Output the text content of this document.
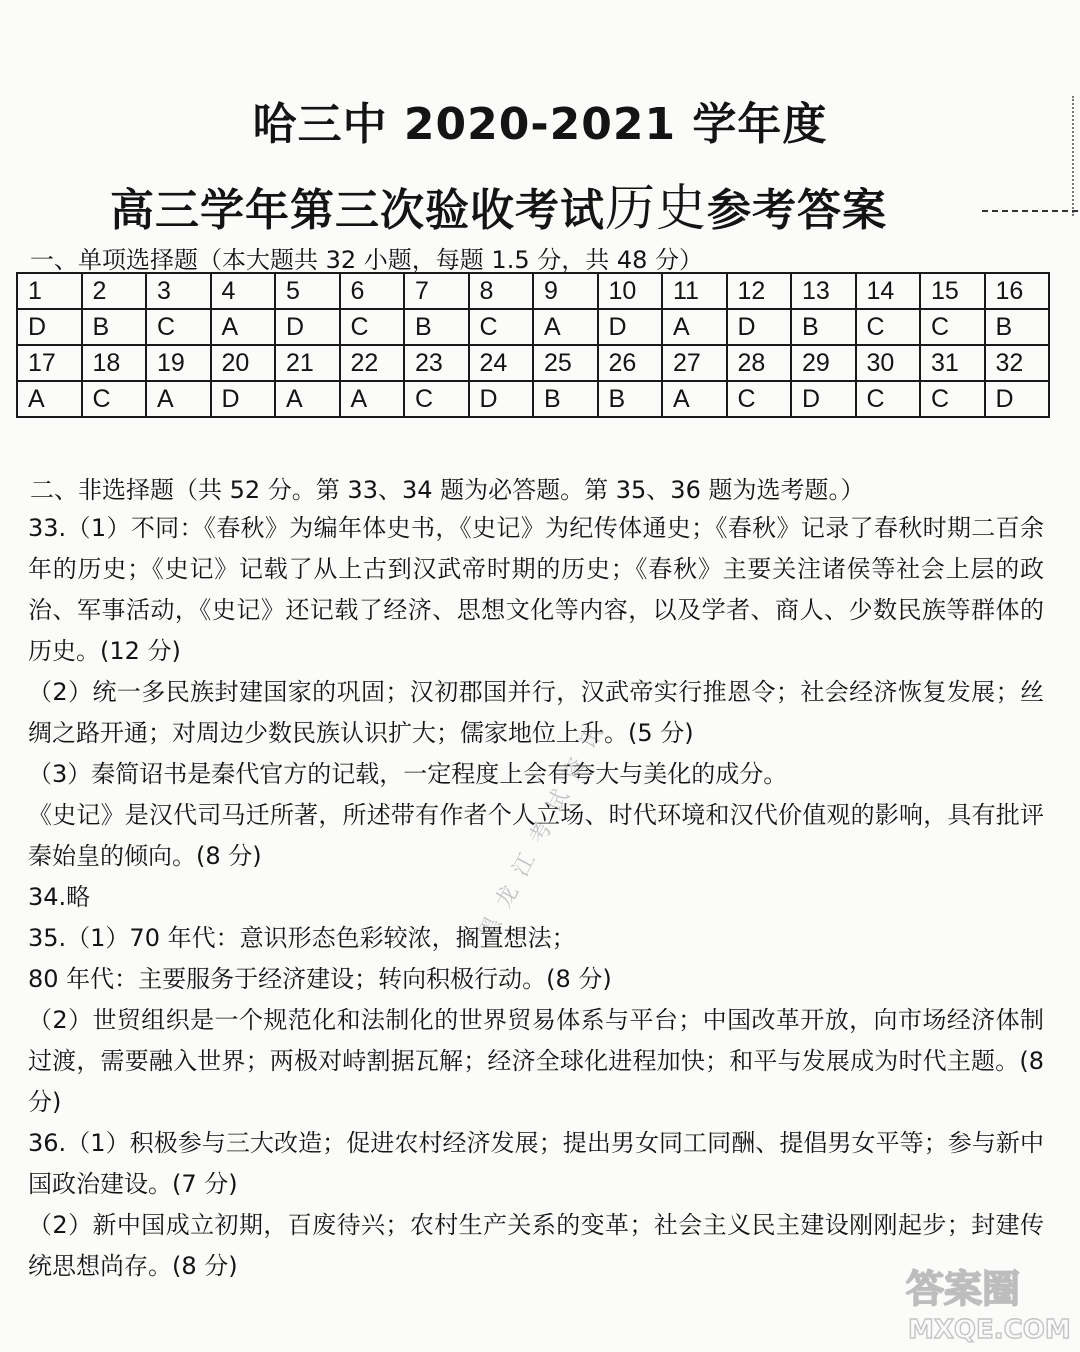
哈三中 2020-2021 学年度
高三学年第三次验收考试历史参考答案
一、单项选择题（本大题共 32 小题，每题 1.5 分，共 48 分）
1	2	3	4	5	6	7	8	9	10	11	12	13	14	15	16
D	B	C	A	D	C	B	C	A	D	A	D	B	C	C	B
17	18	19	20	21	22	23	24	25	26	27	28	29	30	31	32
A	C	A	D	A	A	C	D	B	B	A	C	D	C	C	D
二、非选择题（共 52 分。第 33、34 题为必答题。第 35、36 题为选考题。）

33.（1）不同：《春秋》为编年体史书，《史记》为纪传体通史；《春秋》记录了春秋时期二百余年的历史；《史记》记载了从上古到汉武帝时期的历史；《春秋》主要关注诸侯等社会上层的政治、军事活动，《史记》还记载了经济、思想文化等内容，以及学者、商人、少数民族等群体的历史。(12 分)

（2）统一多民族封建国家的巩固；汉初郡国并行，汉武帝实行推恩令；社会经济恢复发展；丝绸之路开通；对周边少数民族认识扩大；儒家地位上升。(5 分)

（3）秦简诏书是秦代官方的记载，一定程度上会有夸大与美化的成分。

《史记》是汉代司马迁所著，所述带有作者个人立场、时代环境和汉代价值观的影响，具有批评秦始皇的倾向。(8 分)

34.略

35.（1）70 年代：意识形态色彩较浓，搁置想法；

80 年代：主要服务于经济建设；转向积极行动。(8 分)

（2）世贸组织是一个规范化和法制化的世界贸易体系与平台；中国改革开放，向市场经济体制过渡，需要融入世界；两极对峙割据瓦解；经济全球化进程加快；和平与发展成为时代主题。(8 分)

36.（1）积极参与三大改造；促进农村经济发展；提出男女同工同酬、提倡男女平等；参与新中国政治建设。(7 分)

（2）新中国成立初期，百废待兴；农村生产关系的变革；社会主义民主建设刚刚起步；封建传统思想尚存。(8 分)

黑龙江考试资讯
答案圈
MXQE.COM
